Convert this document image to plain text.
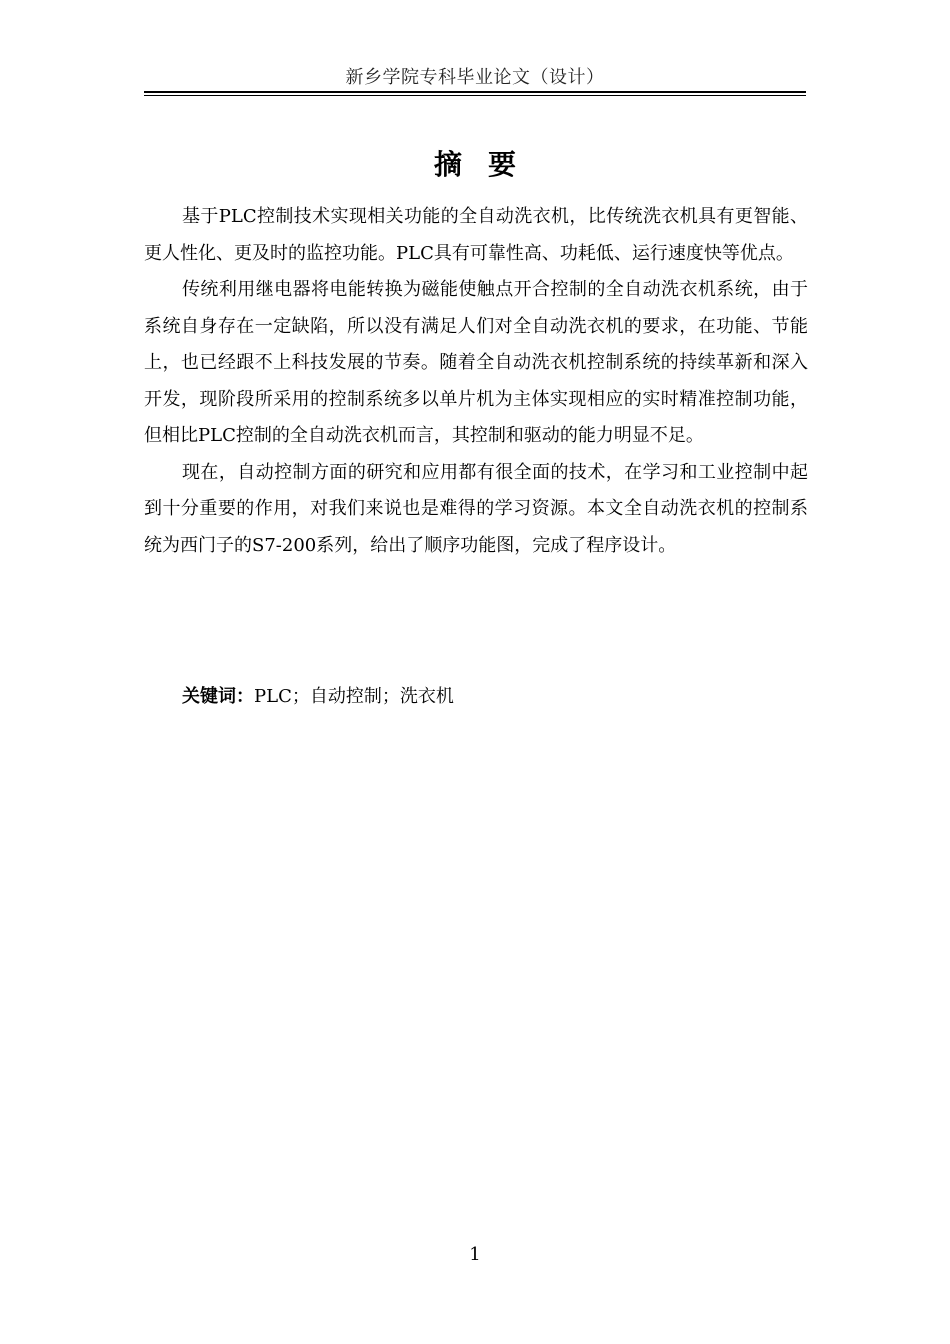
新乡学院专科毕业论文（设计）
摘要

基于PLC控制技术实现相关功能的全自动洗衣机，比传统洗衣机具有更智能、更人性化、更及时的监控功能。PLC具有可靠性高、功耗低、运行速度快等优点。

传统利用继电器将电能转换为磁能使触点开合控制的全自动洗衣机系统，由于系统自身存在一定缺陷，所以没有满足人们对全自动洗衣机的要求，在功能、节能上，也已经跟不上科技发展的节奏。随着全自动洗衣机控制系统的持续革新和深入开发，现阶段所采用的控制系统多以单片机为主体实现相应的实时精准控制功能，但相比PLC控制的全自动洗衣机而言，其控制和驱动的能力明显不足。

现在，自动控制方面的研究和应用都有很全面的技术，在学习和工业控制中起到十分重要的作用，对我们来说也是难得的学习资源。本文全自动洗衣机的控制系统为西门子的S7-200系列，给出了顺序功能图，完成了程序设计。

关键词：PLC；自动控制；洗衣机
1
